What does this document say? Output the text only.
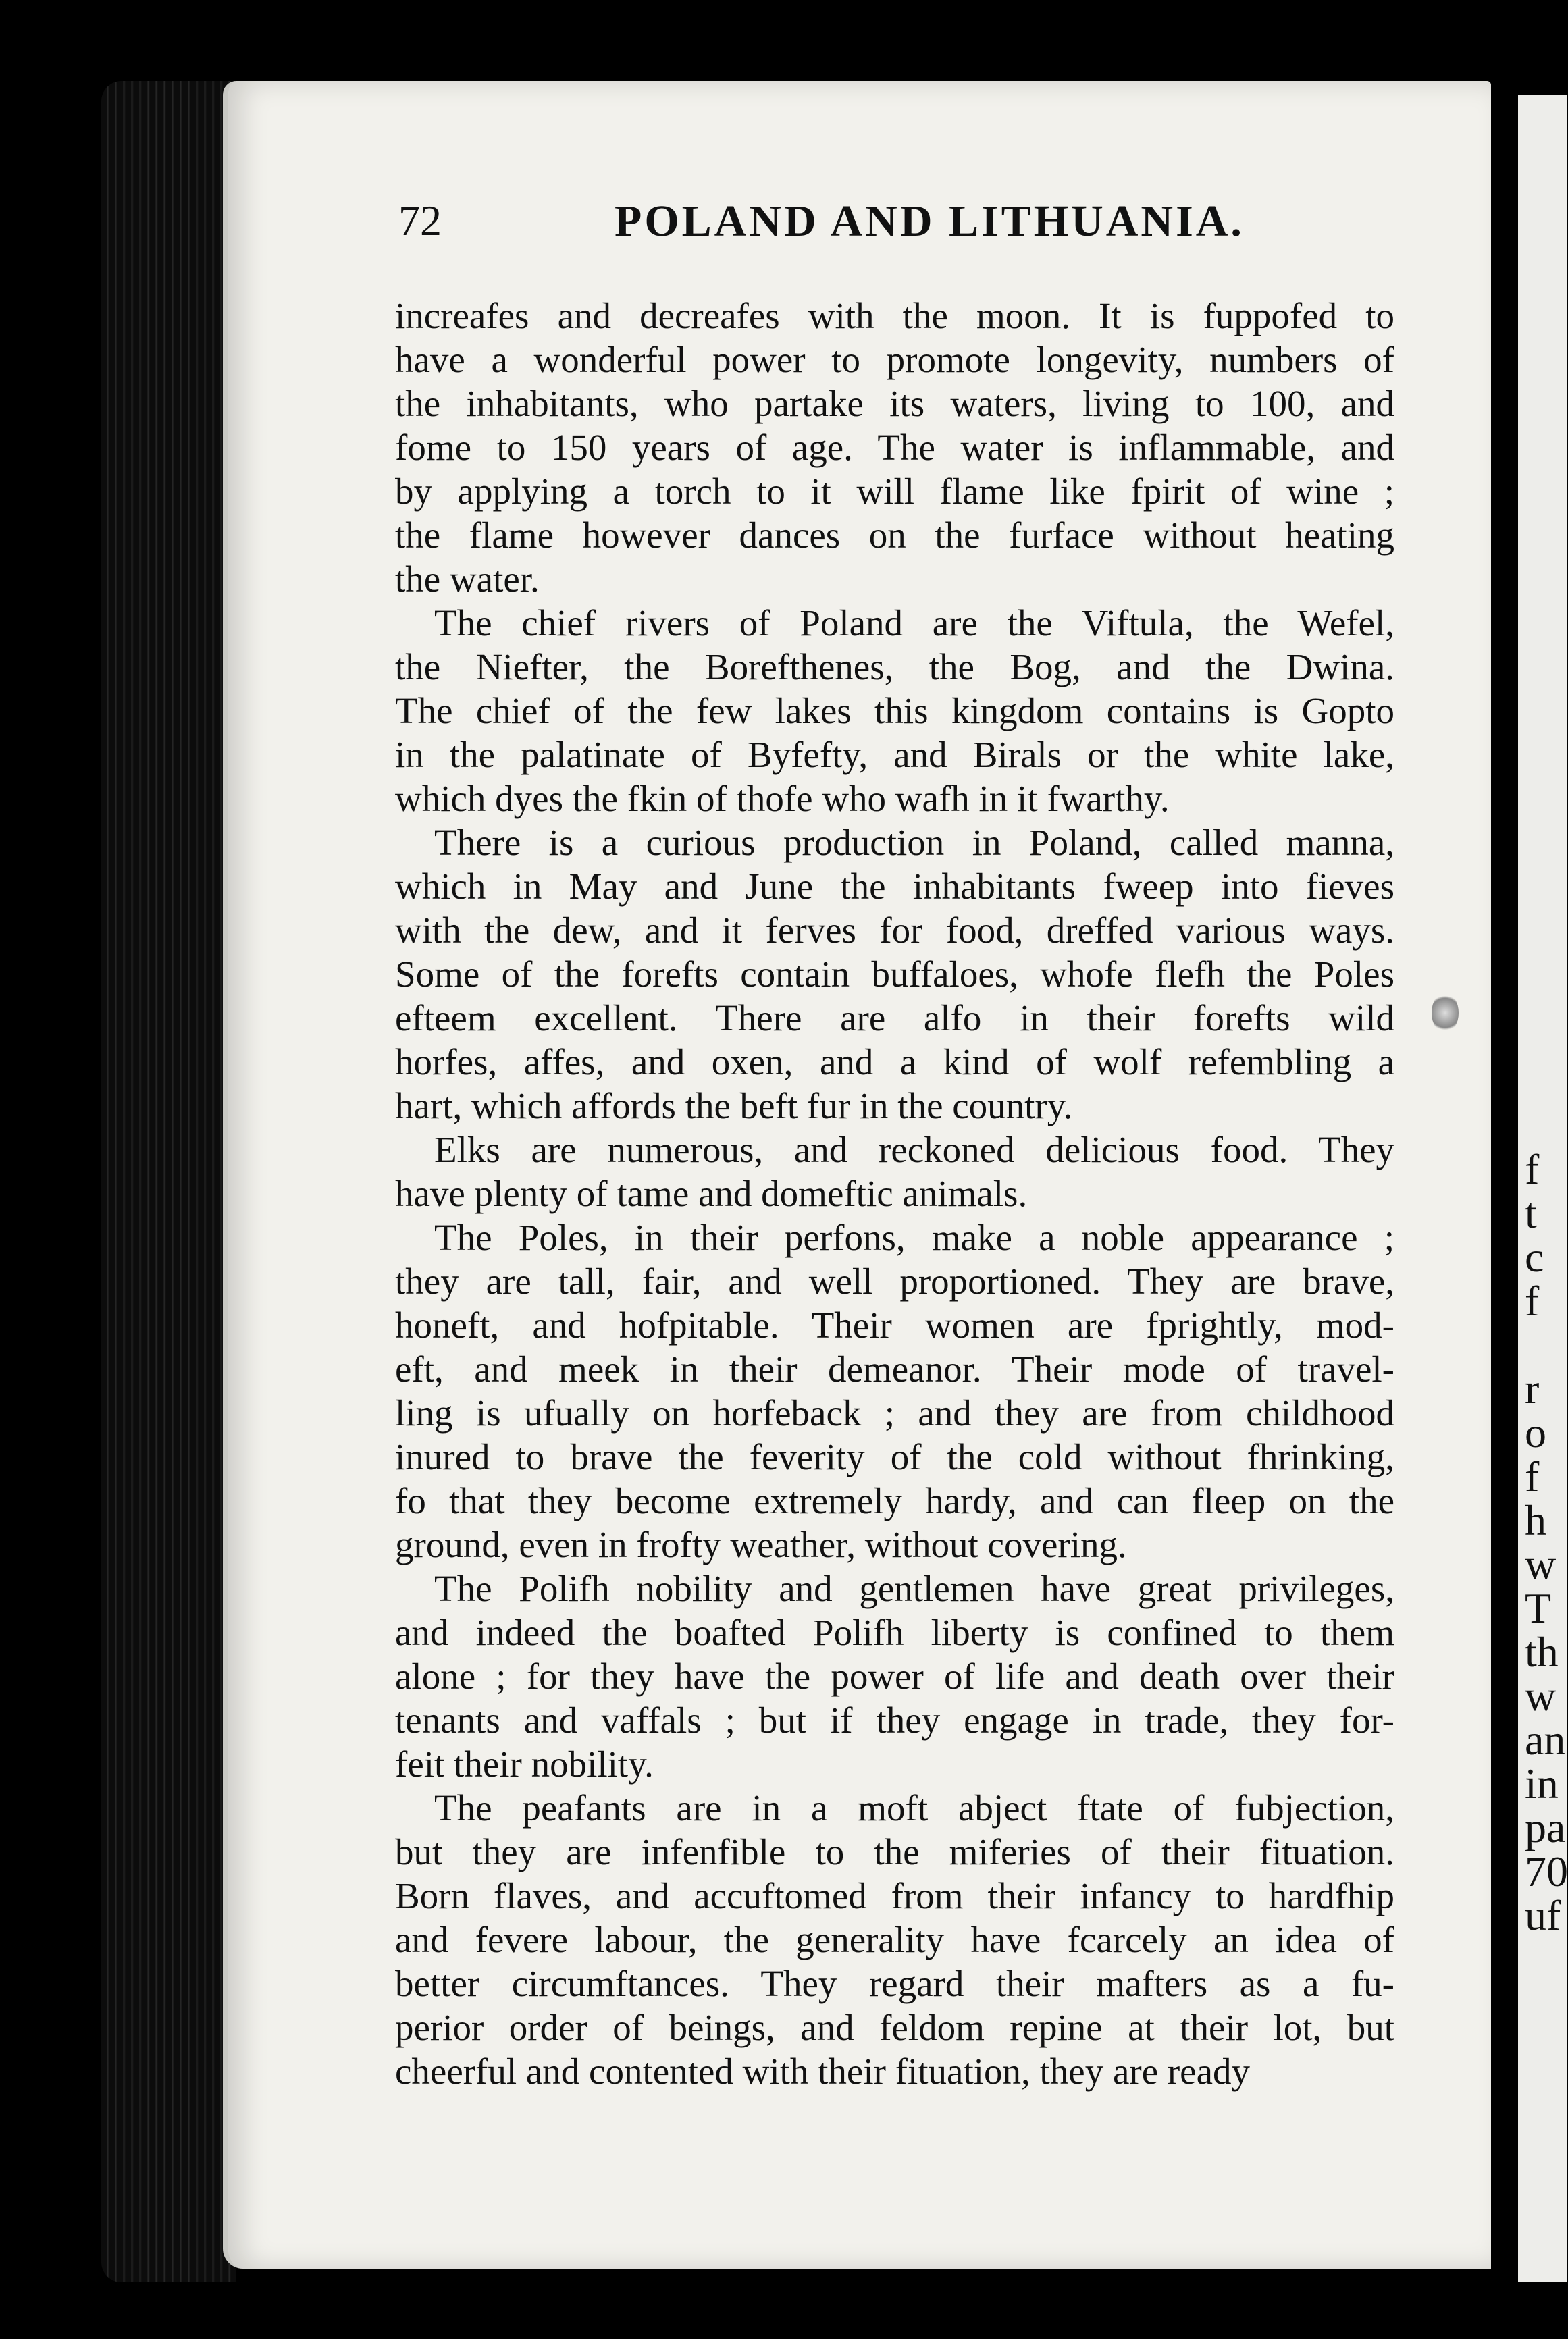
f
t
c
f
r
o
f
h
w
T
th
w
an
in
pa
70
uf
72	POLAND AND LITHUANIA.
increafes and decreafes with the moon. It is fuppofed to
have a wonderful power to promote longevity, numbers of
the inhabitants, who partake its waters, living to 100, and
fome to 150 years of age. The water is inflammable, and
by applying a torch to it will flame like fpirit of wine ;
the flame however dances on the furface without heating
the water.
The chief rivers of Poland are the Viftula, the Wefel,
the Niefter, the Borefthenes, the Bog, and the Dwina.
The chief of the few lakes this kingdom contains is Gopto
in the palatinate of Byfefty, and Birals or the white lake,
which dyes the fkin of thofe who wafh in it fwarthy.
There is a curious production in Poland, called manna,
which in May and June the inhabitants fweep into fieves
with the dew, and it ferves for food, dreffed various ways.
Some of the forefts contain buffaloes, whofe flefh the Poles
efteem excellent. There are alfo in their forefts wild
horfes, affes, and oxen, and a kind of wolf refembling a
hart, which affords the beft fur in the country.
Elks are numerous, and reckoned delicious food. They
have plenty of tame and domeftic animals.
The Poles, in their perfons, make a noble appearance ;
they are tall, fair, and well proportioned. They are brave,
honeft, and hofpitable. Their women are fprightly, mod-
eft, and meek in their demeanor. Their mode of travel-
ling is ufually on horfeback ; and they are from childhood
inured to brave the feverity of the cold without fhrinking,
fo that they become extremely hardy, and can fleep on the
ground, even in frofty weather, without covering.
The Polifh nobility and gentlemen have great privileges,
and indeed the boafted Polifh liberty is confined to them
alone ; for they have the power of life and death over their
tenants and vaffals ; but if they engage in trade, they for-
feit their nobility.
The peafants are in a moft abject ftate of fubjection,
but they are infenfible to the miferies of their fituation.
Born flaves, and accuftomed from their infancy to hardfhip
and fevere labour, the generality have fcarcely an idea of
better circumftances. They regard their mafters as a fu-
perior order of beings, and feldom repine at their lot, but
cheerful and contented with their fituation, they are ready
